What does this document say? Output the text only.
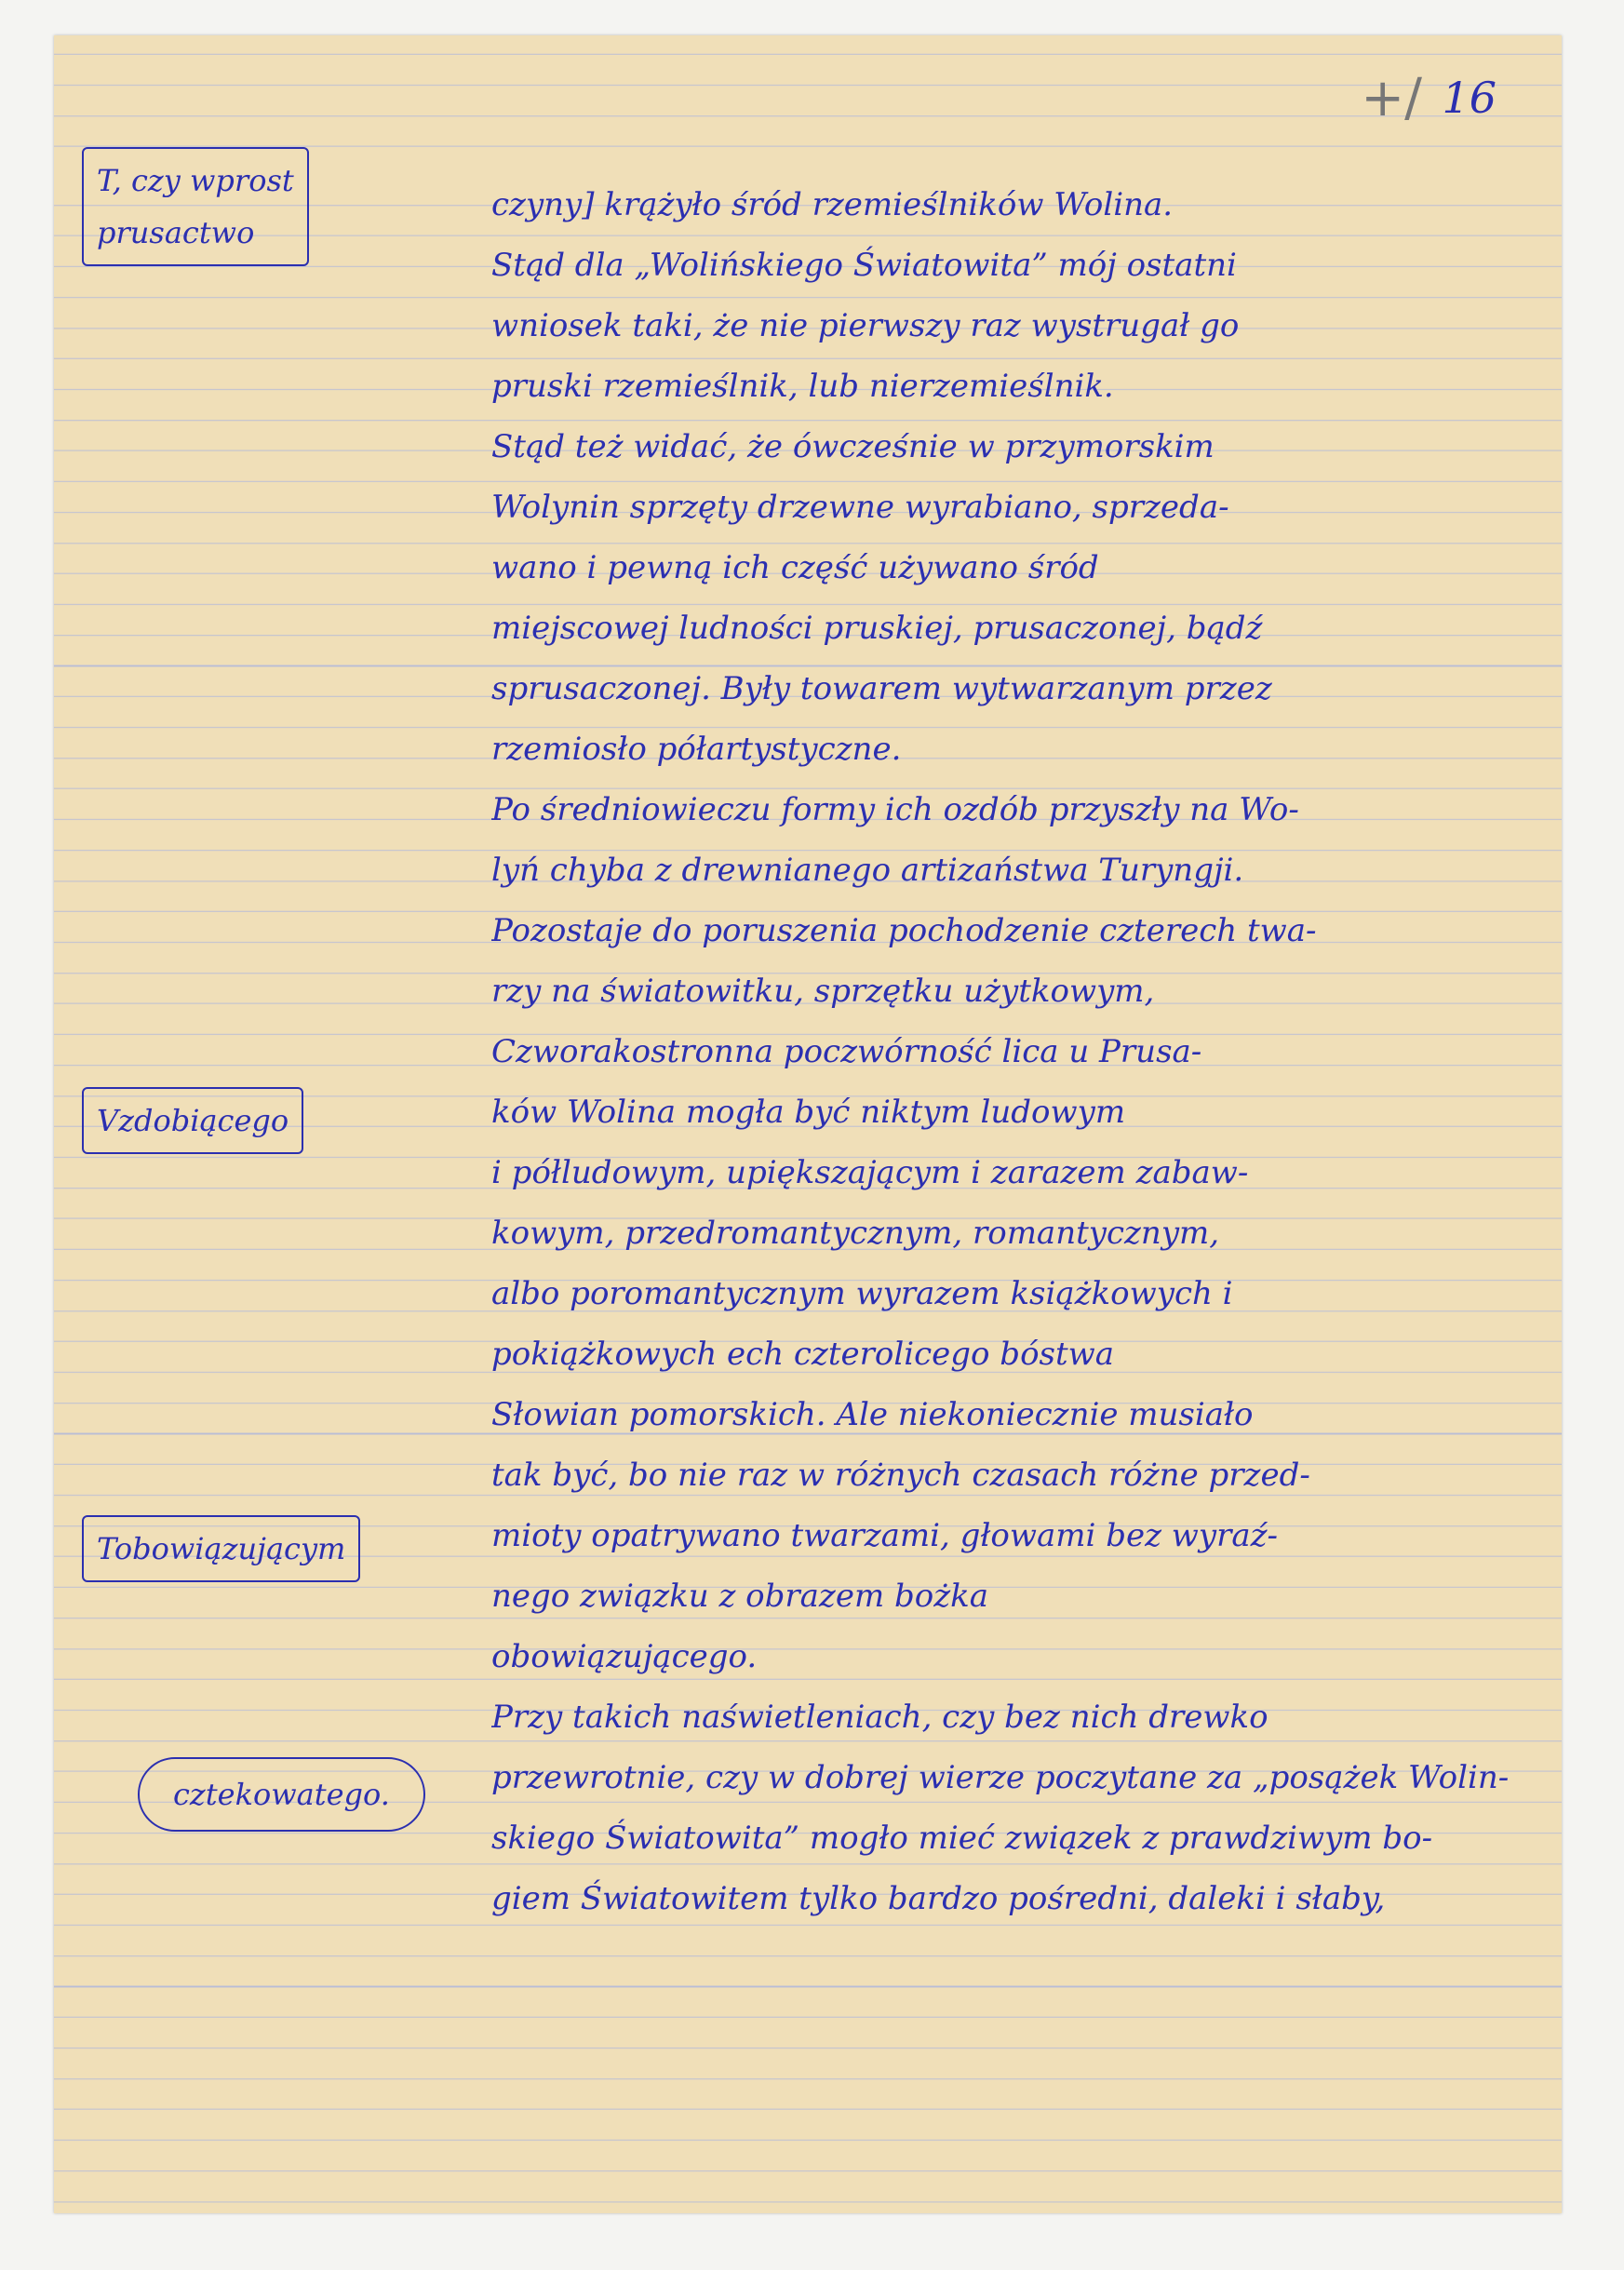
+/ 16
T, czy wprost
prusactwo
Vzdobiącego
Tobowiązującym
cztekowatego.
czyny] krążyło śród rzemieślników Wolina.
Stąd dla „Wolińskiego Światowita” mój ostatni
wniosek taki, że nie pierwszy raz wystrugał go
pruski rzemieślnik, lub nierzemieślnik.
Stąd też widać, że ówcześnie w przymorskim
Wolynin sprzęty drzewne wyrabiano, sprzeda-
wano i pewną ich część używano śród
miejscowej ludności pruskiej, prusaczonej, bądź
sprusaczonej. Były towarem wytwarzanym przez
rzemiosło półartystyczne.
Po średniowieczu formy ich ozdób przyszły na Wo-
lyń chyba z drewnianego artizaństwa Turyngji.
Pozostaje do poruszenia pochodzenie czterech twa-
rzy na światowitku, sprzętku użytkowym,
Czworakostronna poczwórność lica u Prusa-
ków Wolina mogła być niktym ludowym
i półludowym, upiększającym i zarazem zabaw-
kowym, przedromantycznym, romantycznym,
albo poromantycznym wyrazem książkowych i
pokiążkowych ech czterolicego bóstwa
Słowian pomorskich. Ale niekoniecznie musiało
tak być, bo nie raz w różnych czasach różne przed-
mioty opatrywano twarzami, głowami bez wyraź-
nego związku z obrazem bożka
obowiązującego.
Przy takich naświetleniach, czy bez nich drewko
przewrotnie, czy w dobrej wierze poczytane za „posążek Wolin-
skiego Światowita” mogło mieć związek z prawdziwym bo-
giem Światowitem tylko bardzo pośredni, daleki i słaby,
